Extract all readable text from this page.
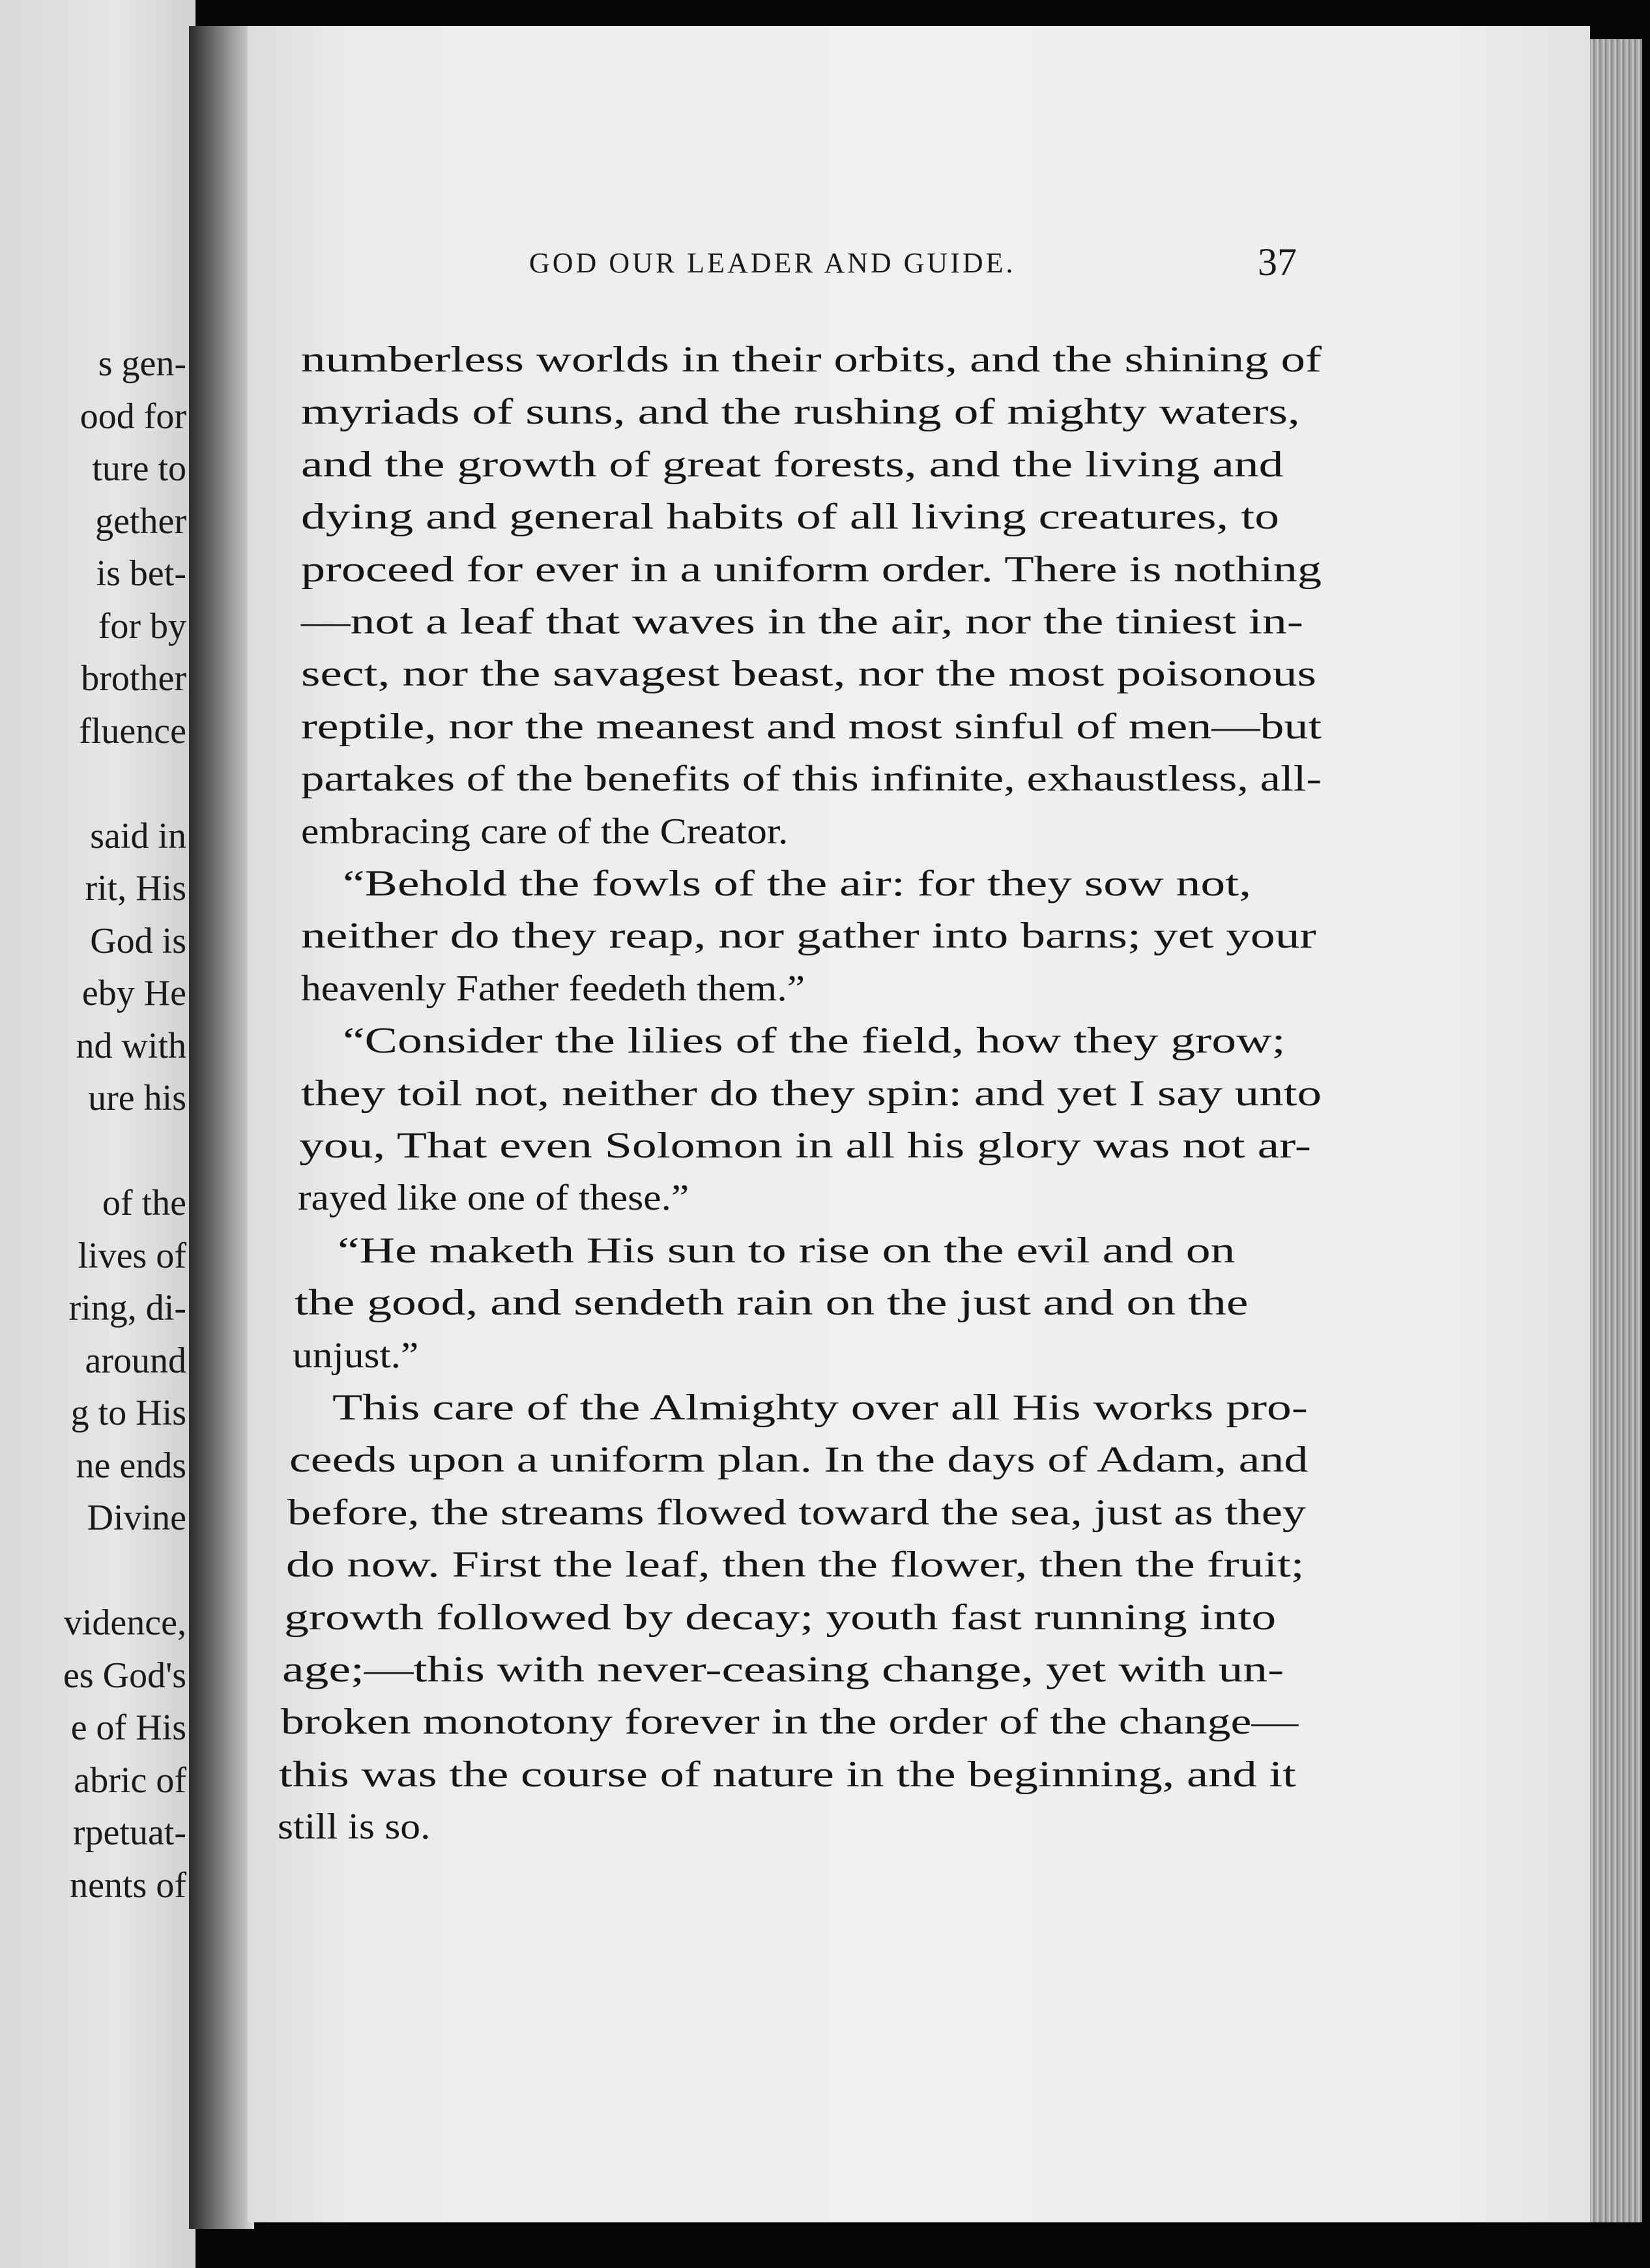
s gen-
ood for
ture to
gether
is bet-
for by
brother
fluence
said in
rit, His
God is
eby He
nd with
ure his
of the
lives of
ring, di-
around
g to His
ne ends
Divine
vidence,
es God's
e of His
abric of
rpetuat-
nents of
GOD OUR LEADER AND GUIDE.	37
numberless worlds in their orbits, and the shining of
myriads of suns, and the rushing of mighty waters,
and the growth of great forests, and the living and
dying and general habits of all living creatures, to
proceed for ever in a uniform order. There is nothing
—not a leaf that waves in the air, nor the tiniest in-
sect, nor the savagest beast, nor the most poisonous
reptile, nor the meanest and most sinful of men—but
partakes of the benefits of this infinite, exhaustless, all-
embracing care of the Creator.
“Behold the fowls of the air: for they sow not,
neither do they reap, nor gather into barns; yet your
heavenly Father feedeth them.”
“Consider the lilies of the field, how they grow;
they toil not, neither do they spin: and yet I say unto
you, That even Solomon in all his glory was not ar-
rayed like one of these.”
“He maketh His sun to rise on the evil and on
the good, and sendeth rain on the just and on the
unjust.”
This care of the Almighty over all His works pro-
ceeds upon a uniform plan. In the days of Adam, and
before, the streams flowed toward the sea, just as they
do now. First the leaf, then the flower, then the fruit;
growth followed by decay; youth fast running into
age;—this with never-ceasing change, yet with un-
broken monotony forever in the order of the change—
this was the course of nature in the beginning, and it
still is so.
